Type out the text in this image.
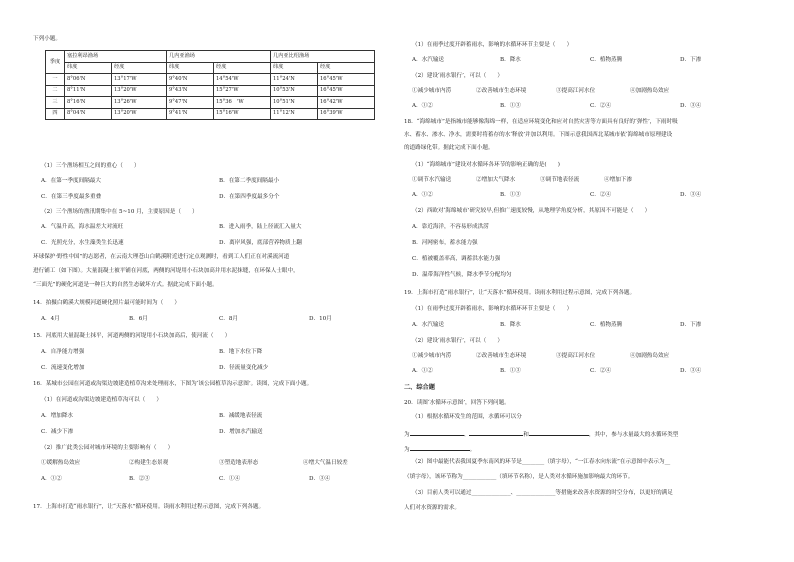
下列小题。
季度	塞拉利昂渔场		几内亚渔场		几内亚比绍渔场	
	纬度	经度	纬度	经度	纬度	经度
一	8°06'N	13°17'W	9°40'N	14°54'W	11°24'N	16°45'W
二	8°11'N	13°20'W	9°43'N	15°27'W	10°53'N	16°45'W
三	8°16'N	13°26'W	9°47'N	15°36　'W	10°51'N	16°42'W
四	8°04'N	13°20'W	9°41'N	15°16'W	11°12'N	16°39'W
（1）三个渔场相互之间的重心（　　）
A．在第一季度间隔最大	B．在第二季度间隔最小
C．在第三季度最多重叠	D．在第四季度最多分个
（2）三个渔场的渔汛期集中在 5~10 月，主要原因是（　　）
A．气温升高，海水温差大对流旺	B．进入雨季，陆上径流汇入量大
C．光照充分，水生藻类生长迅速	D．离岸风强，底部营养物质上翻
环球保护·野性中国”的志愿者，在云南大理苍山白鹤溪附近进行定点观测时，看到工人们正在对溪流河道
进行铺工（如下图）。大量混凝土被平铺在河底，两侧的河堤用小石块加高并用水泥抹缝，在环保人士眼中，
“三面光”的硬化河道是一种巨大的自然生态破坏方式。据此完成下面小题。
14．拍摄白鹤溪大规模河道硬化照片最可能时间为（　　）
A．4月	B．6月	C．8月	D．10月
15．河底用大量混凝土抹平，河道两侧的河堤用小石块加高后，使河流（　　）
A．自净能力增强	B．地下水位下降
C．流速变化增加	D．径流量变化减少
16．某城市公园在河道或沟渠边坡建造植草沟来处理雨水，下图为‘该公园植草沟示意图’。读图，完成下面小题。
（1）在河道或沟渠边坡建造植草沟可以（　　）
A．增加降水	B．减缓地表径流
C．减少下渗	D．增加水汽输送
（2）推广此类公园对城市环境的主要影响有（　　）
①缓解热岛效应	②构建生态景观	③塑造地表形态	④增大气温日较差
A．①②	B．②③	C．①④	D．③④
17．上海市打造“雨水银行”，让“天落水”循环使用。读雨水利用过程示意图，完成下列各题。
（1）在雨季过度开辟蓄雨水，影响的水循环环节主要是（　　）
A．水汽输送	B．降水	C．植物蒸腾	D．下渗
（2）建设‘雨水银行’，可以（　　）
①减少城市内涝	②改善城市生态环境	③提高江河水位	④加剧热岛效应
A．①②	B．①③	C．②④	D．③④
18．“海绵城市”是指城市能够像海绵一样，在适应环境变化和应对自然灾害等方面具有良好的‘弹性’，下雨时吸
水、蓄水、渗水、净水，需要时将蓄存的水‘释放’并加以利用。下图示意我国西北某城市依‘海绵城市原理建设
的道路绿化带。据此完成下面小题。
（1）“海绵城市”建设对水循环各环节的影响正确的是(　　)
①调节水汽输送	②增加大气降水	③调节地表径流	④增加下渗
A．①②	B．①③	C．②④	D．③④
（2）西欧对‘海绵城市’研究较早,但推广速度较慢，从地理学角度分析，其原因不可能是（　　）
A．靠近海洋，不容易形成洪涝
B．河网密布，蓄水能力强
C．植被覆盖率高，调蓄洪水能力强
D．温带海洋性气候，降水季节分配均匀
19．上海市打造“雨水银行”，让“天落水”循环使用。读雨水利用过程示意图，完成下列各题。
（1）在雨季过度开辟蓄雨水，影响的水循环环节主要是（　　）
A．水汽输送	B．降水	C．植物蒸腾	D．下渗
（2）建设‘雨水银行’，可以（　　）
①减少城市内涝	②改善城市生态环境	③提高江河水位	④加剧热岛效应
A．①②	B．①③	C．②④	D．③④
二、综合题
20．读图‘水循环示意图’，回答下列问题。
（1）根据水循环发生的范围，水循环可以分
为	、	和	，其中，参与水量最大的水循环类型
为	。
（2）图中最能代表我国夏季东南风的环节是________（填字母），“一江春水向东流”在示意图中表示为__
（填字母），该环节称为____________（填环节名称），是人类对水循环施加影响最大的环节。
（3）目前人类可以通过______________、______________等措施来改善水资源的时空分布，以更好的满足
人们对水资源的需求。
